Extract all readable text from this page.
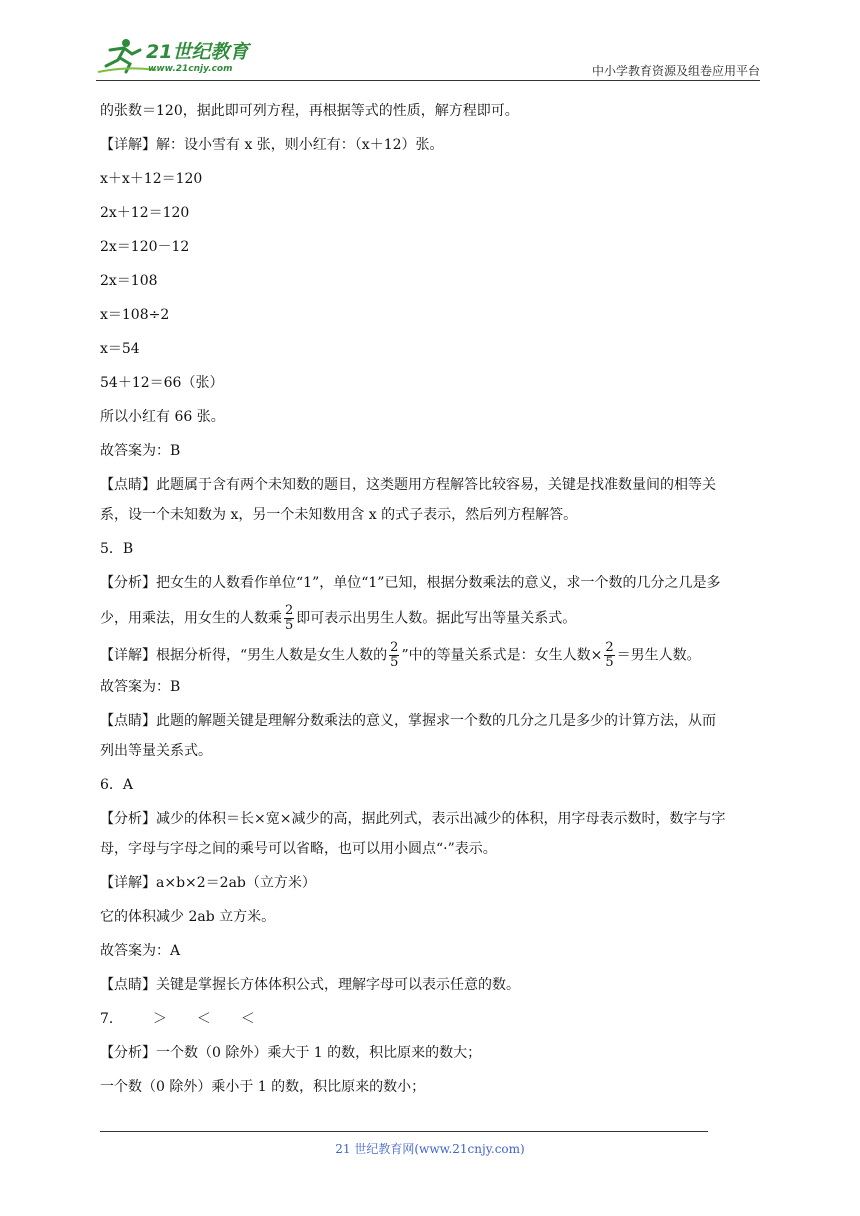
21世纪教育
www.21cnjy.com	中小学教育资源及组卷应用平台
的张数＝120，据此即可列方程，再根据等式的性质，解方程即可。
【详解】解：设小雪有 x 张，则小红有：（x＋12）张。
x＋x＋12＝120
2x＋12＝120
2x＝120－12
2x＝108
x＝108÷2
x＝54
54＋12＝66（张）
所以小红有 66 张。
故答案为：B
【点睛】此题属于含有两个未知数的题目，这类题用方程解答比较容易，关键是找准数量间的相等关
系，设一个未知数为 x，另一个未知数用含 x 的式子表示，然后列方程解答。
5．B
【分析】把女生的人数看作单位“1”，单位“1”已知，根据分数乘法的意义，求一个数的几分之几是多
少，用乘法，用女生的人数乘 $\frac{2}{5}$ 即可表示出男生人数。据此写出等量关系式。
【详解】根据分析得，“男生人数是女生人数的 $\frac{2}{5}$ ”中的等量关系式是：女生人数× $\frac{2}{5}$ ＝男生人数。
故答案为：B
【点睛】此题的解题关键是理解分数乘法的意义，掌握求一个数的几分之几是多少的计算方法，从而
列出等量关系式。
6．A
【分析】减少的体积＝长×宽×减少的高，据此列式，表示出减少的体积，用字母表示数时，数字与字
母，字母与字母之间的乘号可以省略，也可以用小圆点“·”表示。
【详解】a×b×2＝2ab（立方米）
它的体积减少 2ab 立方米。
故答案为：A
【点睛】关键是掌握长方体体积公式，理解字母可以表示任意的数。
7． ＞ ＜ ＜
【分析】一个数（0 除外）乘大于 1 的数，积比原来的数大；
一个数（0 除外）乘小于 1 的数，积比原来的数小；
21 世纪教育网(www.21cnjy.com)
